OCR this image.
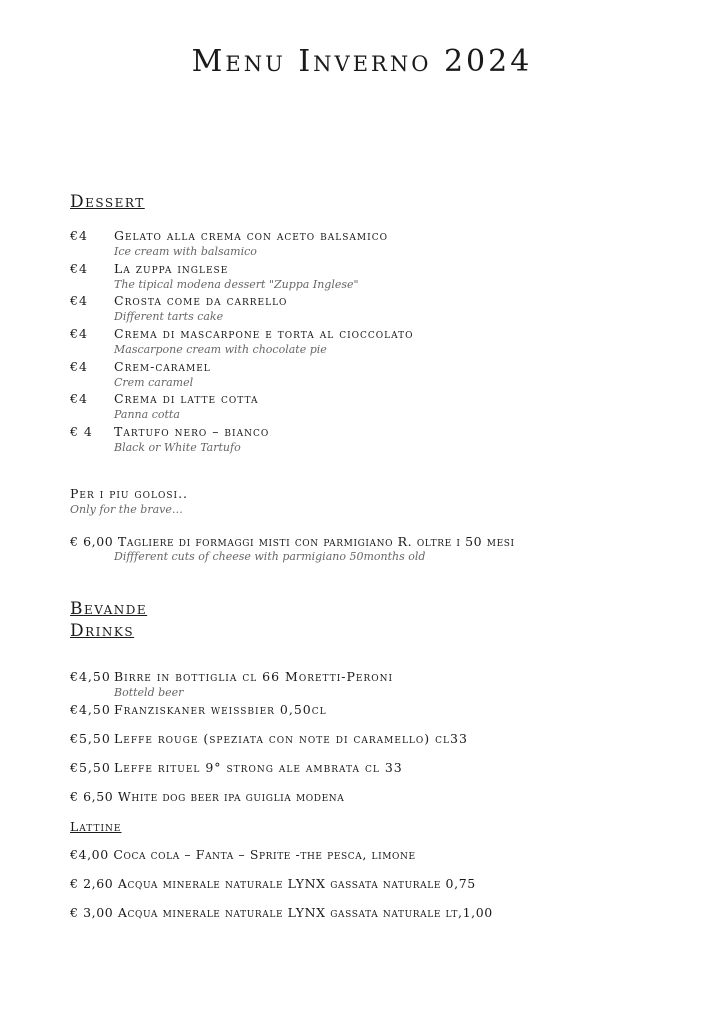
Menu Inverno 2024
Dessert
€4 Gelato alla crema con aceto balsamico
Ice cream with balsamico
€4 La zuppa inglese
The tipical modena dessert "Zuppa Inglese"
€4 Crosta come da carrello
Different tarts cake
€4 Crema di mascarpone e torta al cioccolato
Mascarpone cream with chocolate pie
€4 Crem-caramel
Crem caramel
€4 Crema di latte cotta
Panna cotta
€ 4 Tartufo nero – bianco
Black or White Tartufo
Per i piu golosi..
Only for the brave…
€ 6,00 Tagliere di formaggi misti con parmigiano R. oltre i 50 mesi
Diffferent cuts of cheese with parmigiano 50months old
Bevande
Drinks
€4,50 Birre in bottiglia cl 66 Moretti-Peroni
Botteld beer
€4,50 Franziskaner weissbier 0,50cl
€5,50 Leffe rouge (speziata con note di caramello) cl33
€5,50 Leffe rituel 9° strong ale ambrata cl 33
€ 6,50 White dog beer ipa guiglia modena
Lattine
€4,00 Coca cola – Fanta – Sprite -the pesca, limone
€ 2,60 Acqua minerale naturale LYNX gassata naturale 0,75
€ 3,00 Acqua minerale naturale LYNX gassata naturale lt,1,00
